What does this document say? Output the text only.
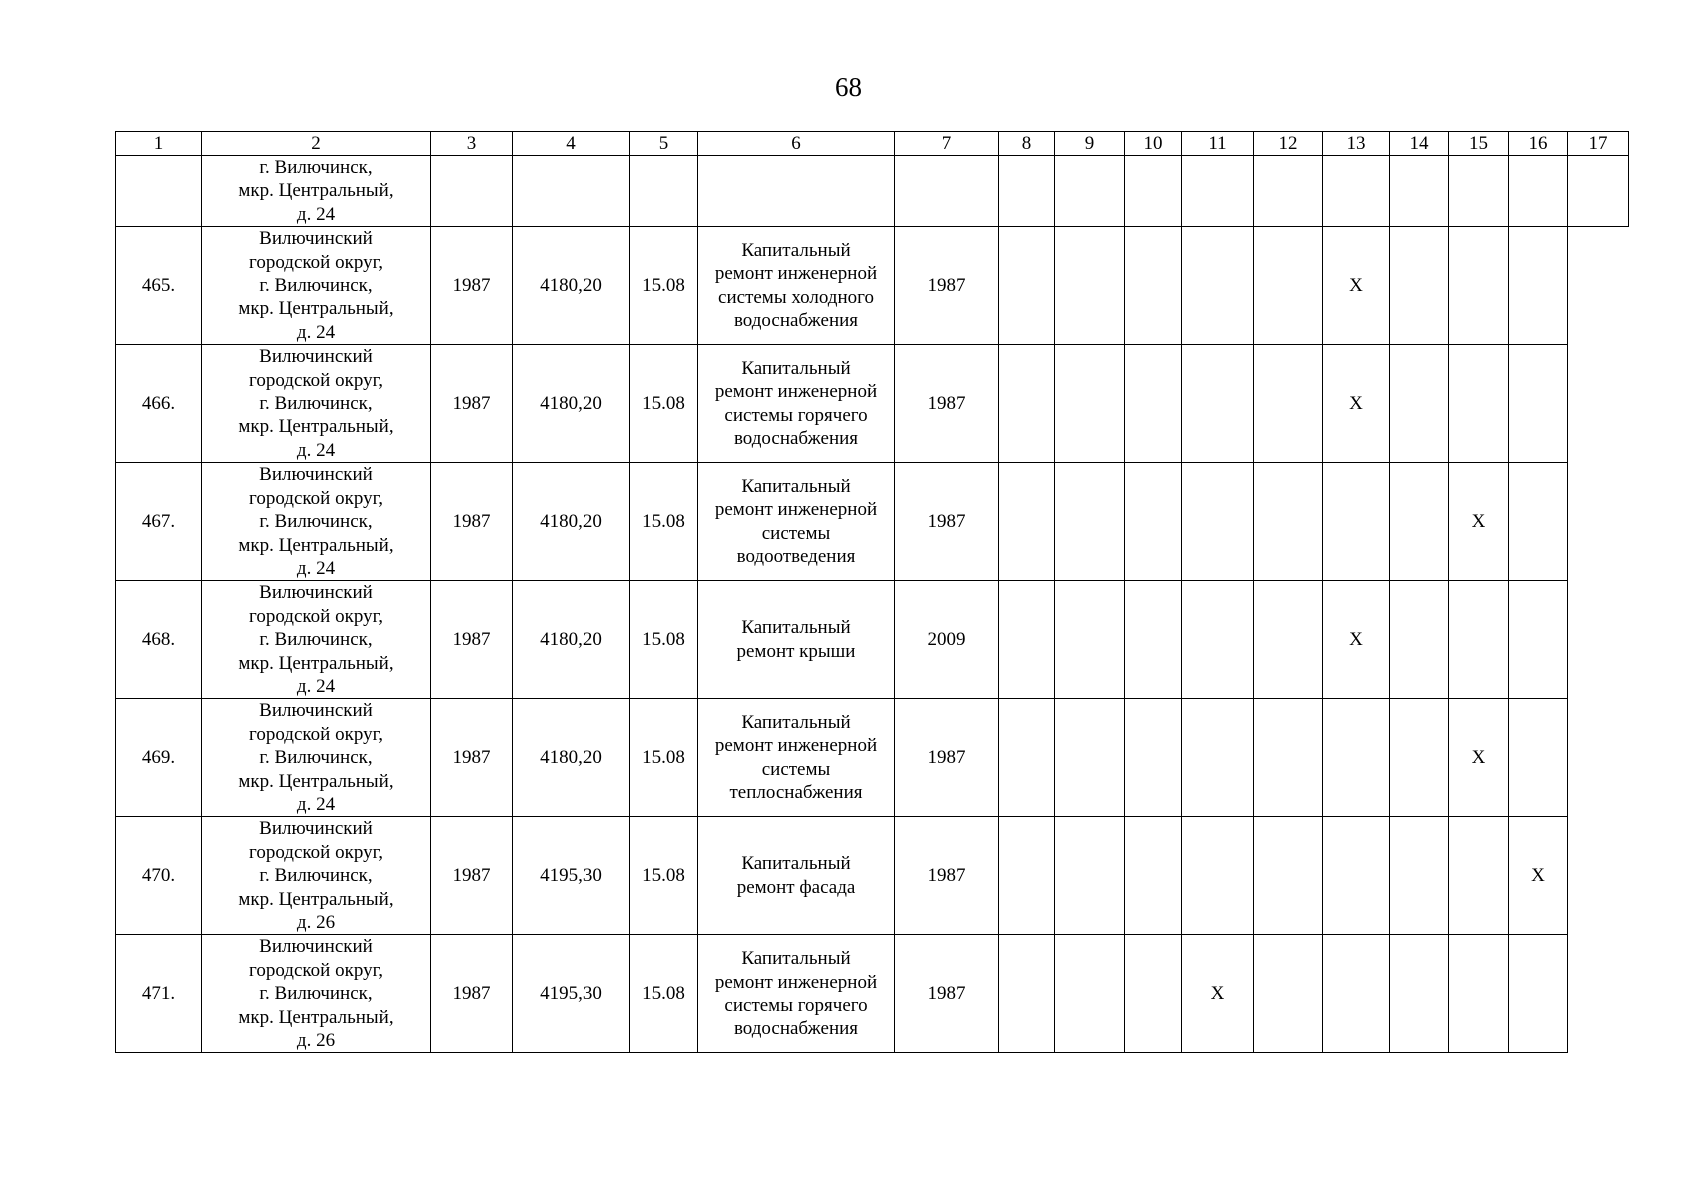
68
1	2	3	4	5	6	7	8	9	10	11	12	13	14	15	16	17
	г. Вилючинск,
мкр. Центральный,
д. 24															
465.	Вилючинский
городской округ,
г. Вилючинск,
мкр. Центральный,
д. 24	1987	4180,20	15.08	Капитальный
ремонт инженерной
системы холодного
водоснабжения	1987						X				
466.	Вилючинский
городской округ,
г. Вилючинск,
мкр. Центральный,
д. 24	1987	4180,20	15.08	Капитальный
ремонт инженерной
системы горячего
водоснабжения	1987						X				
467.	Вилючинский
городской округ,
г. Вилючинск,
мкр. Центральный,
д. 24	1987	4180,20	15.08	Капитальный
ремонт инженерной
системы
водоотведения	1987								X		
468.	Вилючинский
городской округ,
г. Вилючинск,
мкр. Центральный,
д. 24	1987	4180,20	15.08	Капитальный
ремонт крыши	2009						X				
469.	Вилючинский
городской округ,
г. Вилючинск,
мкр. Центральный,
д. 24	1987	4180,20	15.08	Капитальный
ремонт инженерной
системы
теплоснабжения	1987								X		
470.	Вилючинский
городской округ,
г. Вилючинск,
мкр. Центральный,
д. 26	1987	4195,30	15.08	Капитальный
ремонт фасада	1987									X	
471.	Вилючинский
городской округ,
г. Вилючинск,
мкр. Центральный,
д. 26	1987	4195,30	15.08	Капитальный
ремонт инженерной
системы горячего
водоснабжения	1987				X						
